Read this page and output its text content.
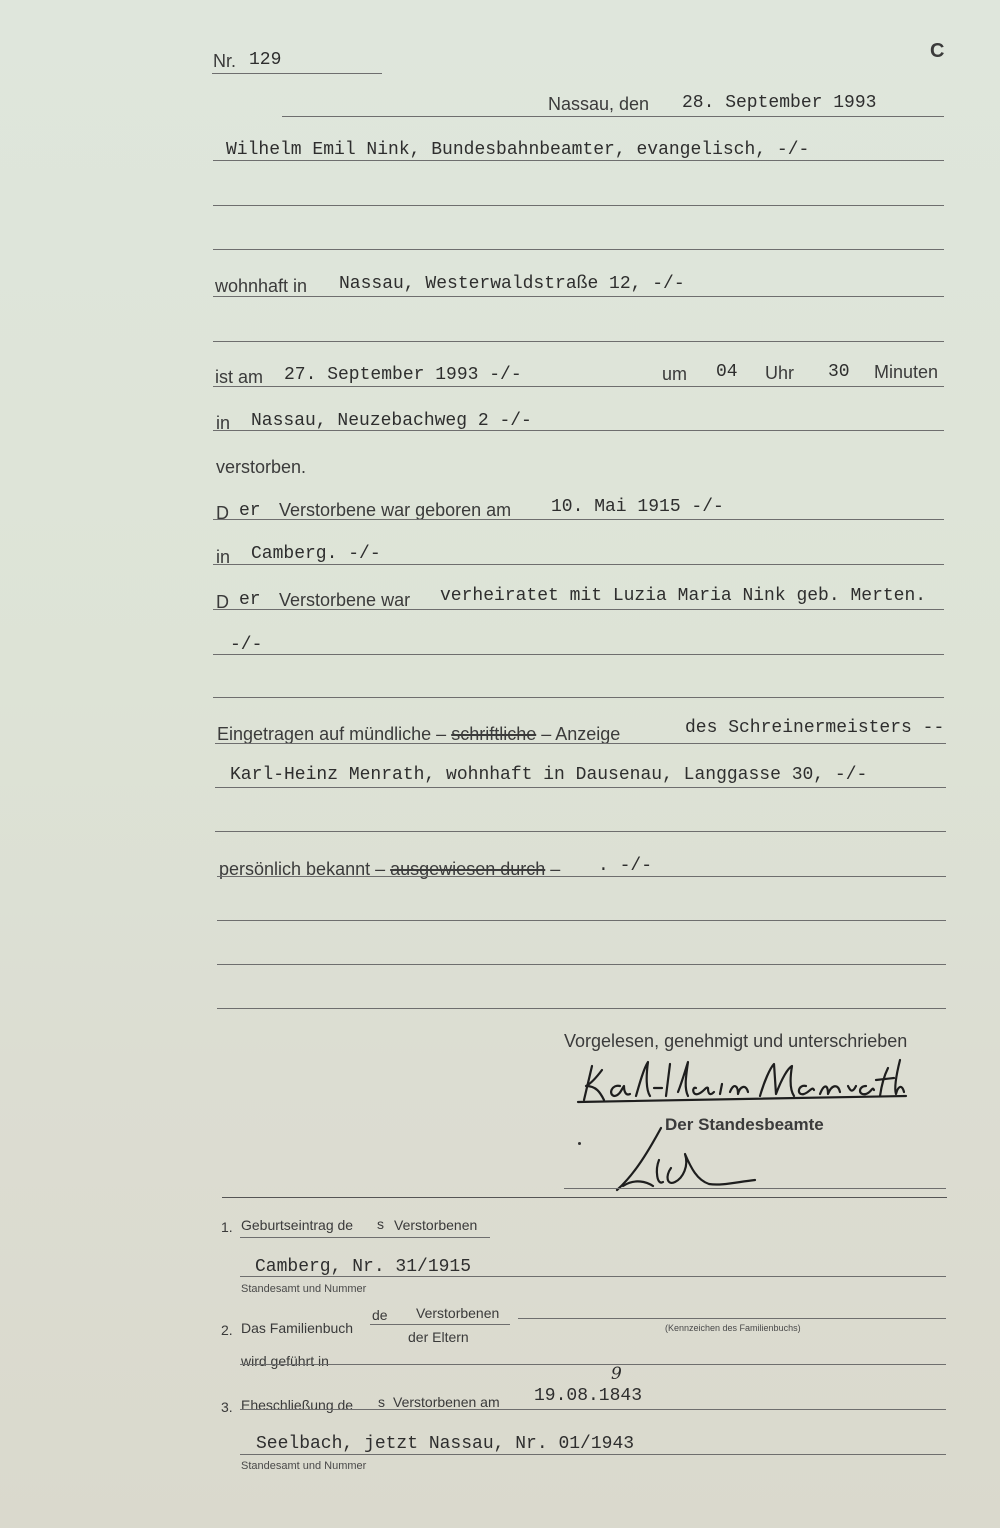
C
Nr. 129
Nassau, den 28. September 1993
Wilhelm Emil Nink, Bundesbahnbeamter, evangelisch, -/-
wohnhaft in Nassau, Westerwaldstraße 12, -/-
ist am 27. September 1993 -/-	um 04 Uhr 30 Minuten
in Nassau, Neuzebachweg 2 -/-
verstorben.
D er Verstorbene war geboren am 10. Mai 1915 -/-
in Camberg. -/-
D er Verstorbene war verheiratet mit Luzia Maria Nink geb. Merten.
-/-
Eingetragen auf mündliche – schriftliche – Anzeige	des Schreinermeisters --
Karl-Heinz Menrath, wohnhaft in Dausenau, Langgasse 30, -/-
persönlich bekannt – ausgewiesen durch – . -/-
Vorgelesen, genehmigt und unterschrieben
Der Standesbeamte
1. Geburtseintrag de s Verstorbenen
Camberg, Nr. 31/1915
Standesamt und Nummer
2. Das Familienbuch
de Verstorbenen
der Eltern
(Kennzeichen des Familienbuchs)
wird geführt in
3. Eheschließung de s Verstorbenen am 19.08.1843
9
Seelbach, jetzt Nassau, Nr. 01/1943
Standesamt und Nummer
